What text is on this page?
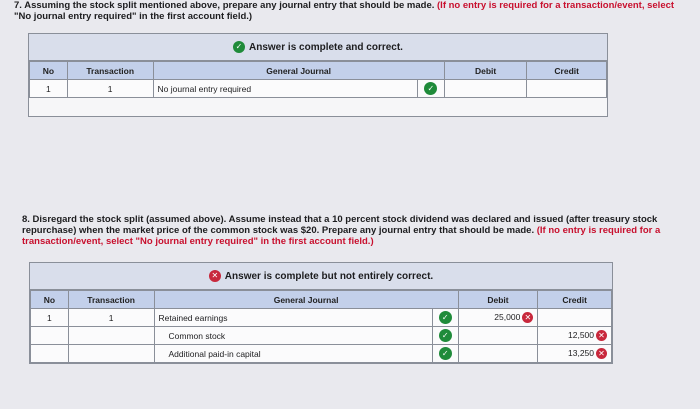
7. Assuming the stock split mentioned above, prepare any journal entry that should be made. (If no entry is required for a transaction/event, select
"No journal entry required" in the first account field.)
✓ Answer is complete and correct.
No	Transaction	General Journal		Debit	Credit
1	1	No journal entry required	✓		
8. Disregard the stock split (assumed above). Assume instead that a 10 percent stock dividend was declared and issued (after treasury stock repurchase) when the market price of the common stock was $20. Prepare any journal entry that should be made. (If no entry is required for a transaction/event, select "No journal entry required" in the first account field.)
✕ Answer is complete but not entirely correct.
No	Transaction	General Journal		Debit	Credit
1	1	Retained earnings	✓	25,000 ✕	
		Common stock	✓		12,500 ✕
		Additional paid-in capital	✓		13,250 ✕
